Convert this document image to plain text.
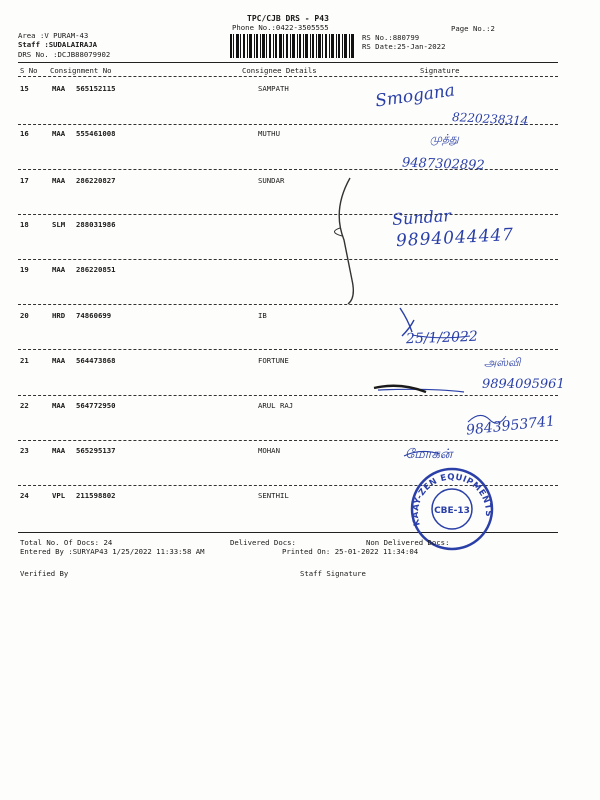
TPC/CJB DRS - P43
Phone No.:0422-3505555	Page No.:2
Area :V PURAM-43
Staff :SUDALAIRAJA
DRS No. :DCJB88079902
RS No.:880799
RS Date:25-Jan-2022
S No Consignment No	Consignee Details	Signature
15	MAA 565152115	SAMPATH
16	MAA 555461008	MUTHU
17	MAA 286220827	SUNDAR
18	SLM 288031986
19	MAA 286220851
20	HRD 74860699	IB
21	MAA 564473868	FORTUNE
22	MAA 564772950	ARUL RAJ
23	MAA 565295137	MOHAN
24	VPL 211598802	SENTHIL
Smogana
8220238314
முத்து
9487302892
Sundar
9894044447
25/1/2022
அஸ்வி
9894095961
9843953741
மோகன்
KAAY-ZEN EQUIPMENTS
CBE-13
Total No. Of Docs: 24	Delivered Docs:	Non Delivered Docs:
Entered By :SURYAP43 1/25/2022 11:33:58 AM	Printed On: 25-01-2022 11:34:04
Verified By	Staff Signature
